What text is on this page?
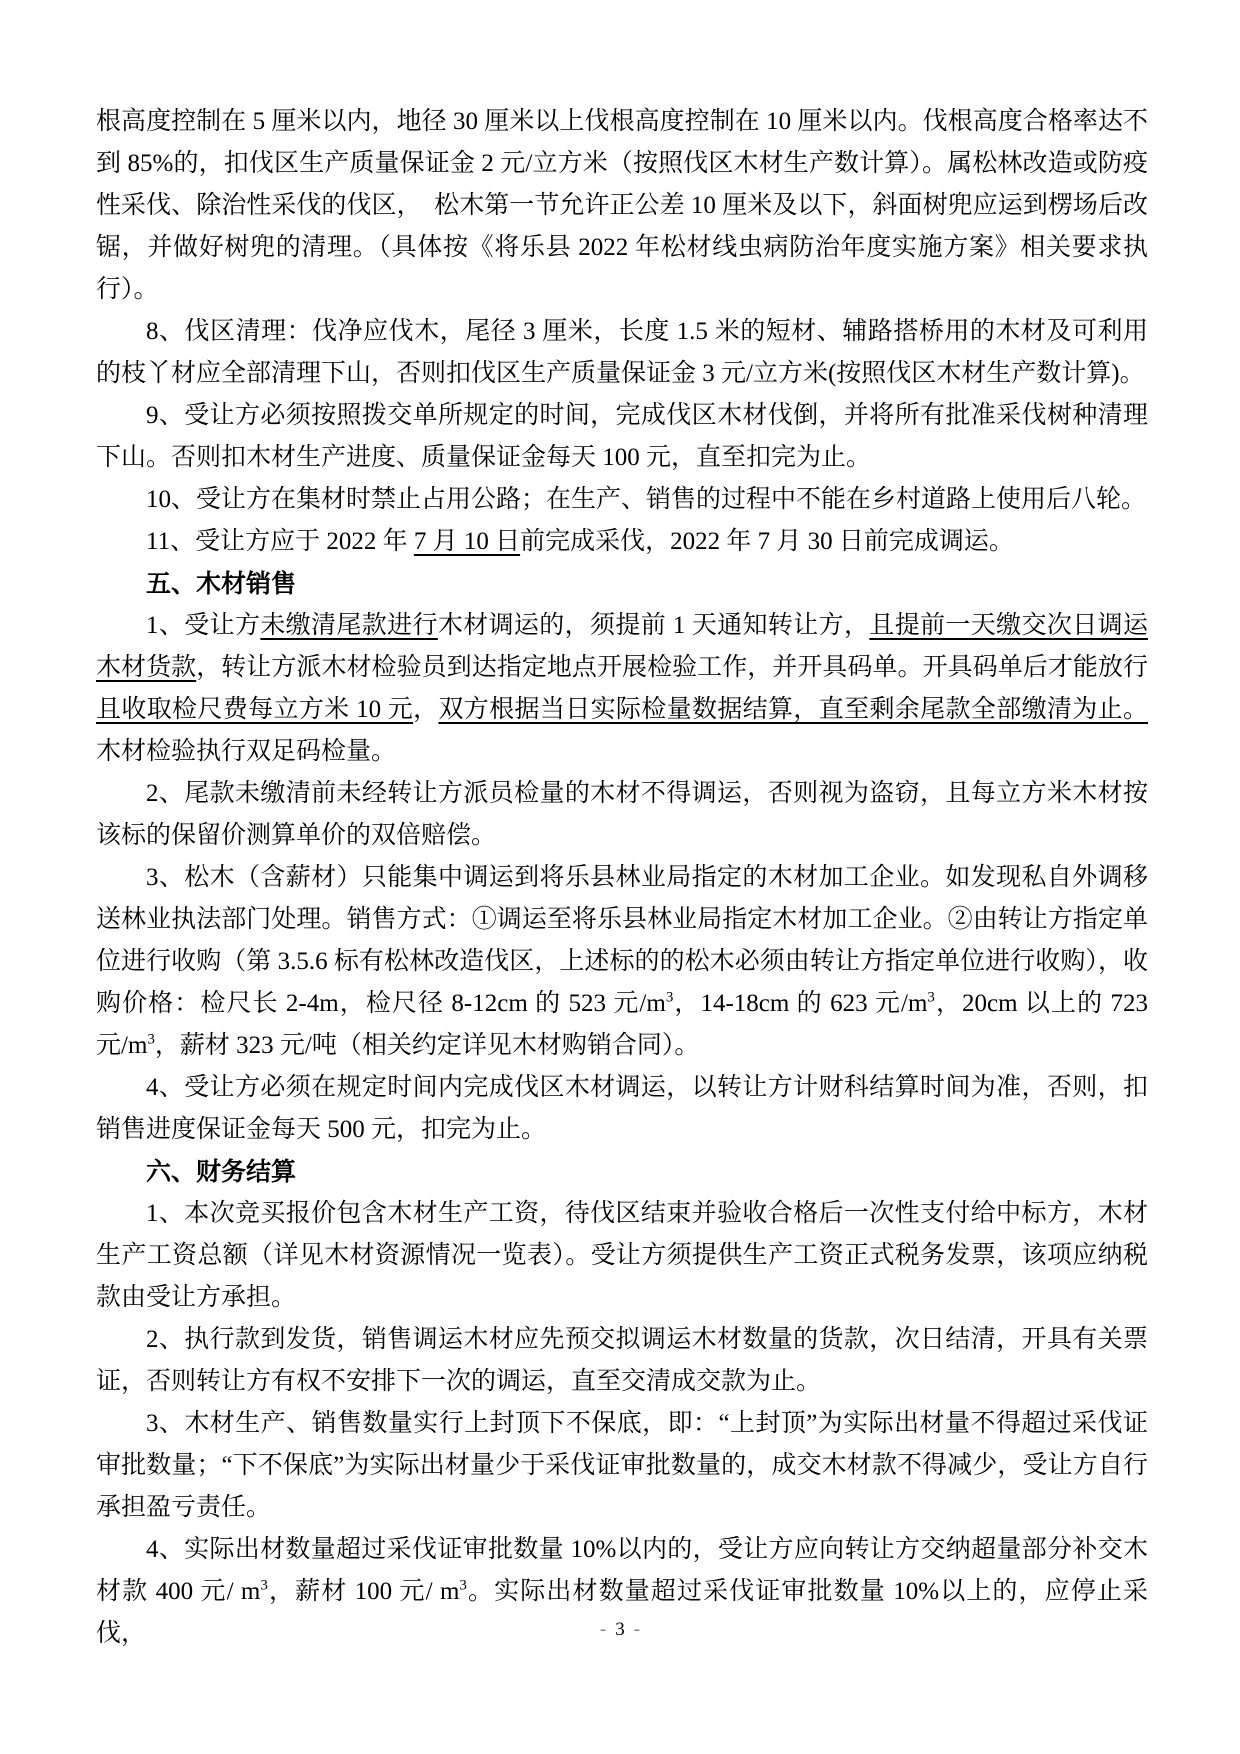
根高度控制在 5 厘米以内，地径 30 厘米以上伐根高度控制在 10 厘米以内。伐根高度合格率达不到 85%的，扣伐区生产质量保证金 2 元/立方米（按照伐区木材生产数计算）。属松林改造或防疫性采伐、除治性采伐的伐区，　松木第一节允许正公差 10 厘米及以下，斜面树兜应运到楞场后改锯，并做好树兜的清理。（具体按《将乐县 2022 年松材线虫病防治年度实施方案》相关要求执行）。

8、伐区清理：伐净应伐木，尾径 3 厘米，长度 1.5 米的短材、辅路搭桥用的木材及可利用的枝丫材应全部清理下山，否则扣伐区生产质量保证金 3 元/立方米(按照伐区木材生产数计算)。

9、受让方必须按照拨交单所规定的时间，完成伐区木材伐倒，并将所有批准采伐树种清理下山。否则扣木材生产进度、质量保证金每天 100 元，直至扣完为止。

10、受让方在集材时禁止占用公路；在生产、销售的过程中不能在乡村道路上使用后八轮。

11、受让方应于 2022 年 7 月 10 日前完成采伐，2022 年 7 月 30 日前完成调运。

五、木材销售

1、受让方未缴清尾款进行木材调运的，须提前 1 天通知转让方，且提前一天缴交次日调运木材货款，转让方派木材检验员到达指定地点开展检验工作，并开具码单。开具码单后才能放行且收取检尺费每立方米 10 元，双方根据当日实际检量数据结算，直至剩余尾款全部缴清为止。木材检验执行双足码检量。

2、尾款未缴清前未经转让方派员检量的木材不得调运，否则视为盗窃，且每立方米木材按该标的保留价测算单价的双倍赔偿。

3、松木（含薪材）只能集中调运到将乐县林业局指定的木材加工企业。如发现私自外调移送林业执法部门处理。销售方式：①调运至将乐县林业局指定木材加工企业。②由转让方指定单位进行收购（第 3.5.6 标有松林改造伐区，上述标的的松木必须由转让方指定单位进行收购），收购价格：检尺长 2-4m，检尺径 8-12cm 的 523 元$/m^3$，14-18cm 的 623 元$/m^3$，20cm 以上的 723 元$/m^3$，薪材 323 元/吨（相关约定详见木材购销合同）。

4、受让方必须在规定时间内完成伐区木材调运，以转让方计财科结算时间为准，否则，扣销售进度保证金每天 500 元，扣完为止。

六、财务结算

1、本次竞买报价包含木材生产工资，待伐区结束并验收合格后一次性支付给中标方，木材生产工资总额（详见木材资源情况一览表）。受让方须提供生产工资正式税务发票，该项应纳税款由受让方承担。

2、执行款到发货，销售调运木材应先预交拟调运木材数量的货款，次日结清，开具有关票证，否则转让方有权不安排下一次的调运，直至交清成交款为止。

3、木材生产、销售数量实行上封顶下不保底，即：“上封顶”为实际出材量不得超过采伐证审批数量；“下不保底”为实际出材量少于采伐证审批数量的，成交木材款不得减少，受让方自行承担盈亏责任。

4、实际出材数量超过采伐证审批数量 10%以内的，受让方应向转让方交纳超量部分补交木材款 400 元/ $m^3$，薪材 100 元/ $m^3$。实际出材数量超过采伐证审批数量 10%以上的，应停止采伐，	- 3 -
